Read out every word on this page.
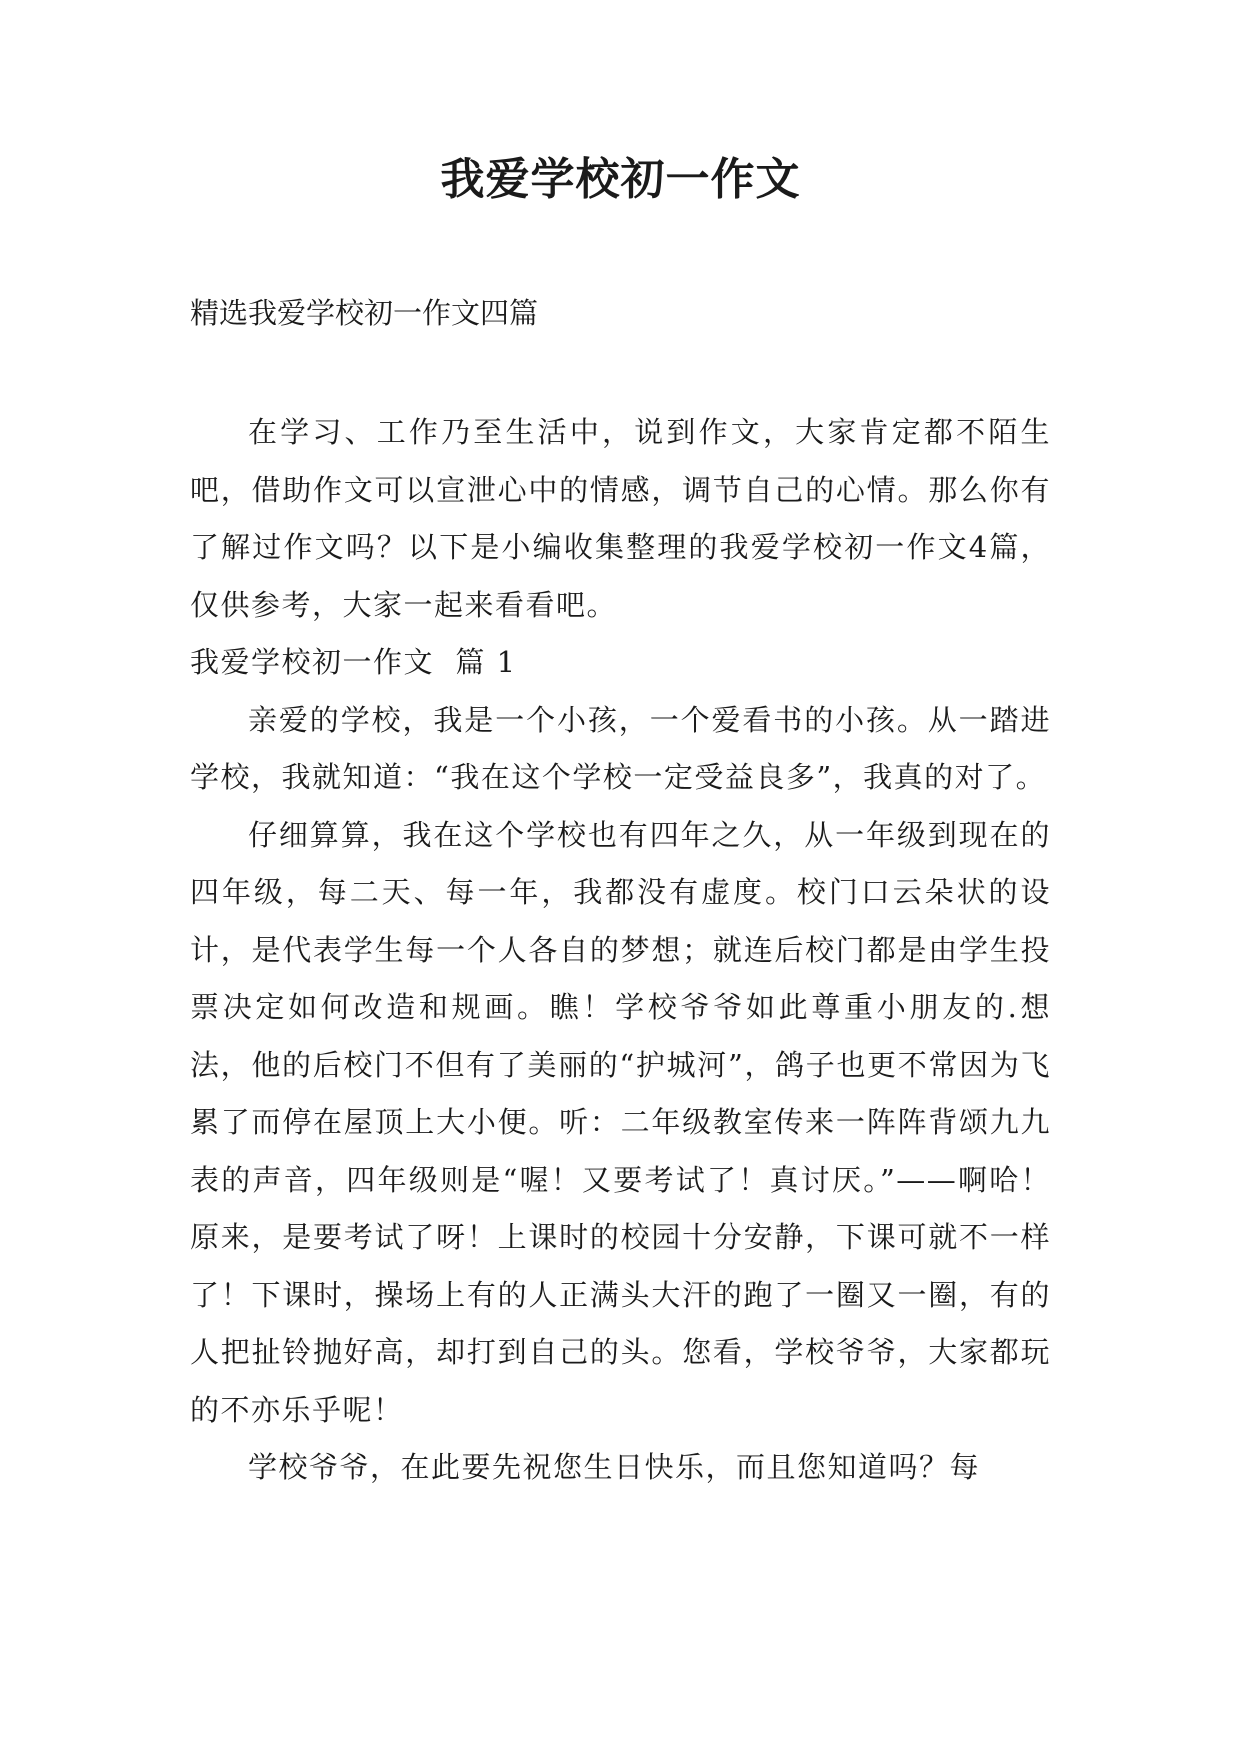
我爱学校初一作文

精选我爱学校初一作文四篇

在学习、工作乃至生活中，说到作文，大家肯定都不陌生吧，借助作文可以宣泄心中的情感，调节自己的心情。那么你有了解过作文吗？以下是小编收集整理的我爱学校初一作文4篇，仅供参考，大家一起来看看吧。

我爱学校初一作文  篇 1

亲爱的学校，我是一个小孩，一个爱看书的小孩。从一踏进学校，我就知道：“我在这个学校一定受益良多”，我真的对了。

仔细算算，我在这个学校也有四年之久，从一年级到现在的四年级，每二天、每一年，我都没有虚度。校门口云朵状的设计，是代表学生每一个人各自的梦想；就连后校门都是由学生投票决定如何改造和规画。瞧！学校爷爷如此尊重小朋友的.想法，他的后校门不但有了美丽的“护城河”，鸽子也更不常因为飞累了而停在屋顶上大小便。听：二年级教室传来一阵阵背颂九九表的声音，四年级则是“喔！又要考试了！真讨厌。”——啊哈！原来，是要考试了呀！上课时的校园十分安静，下课可就不一样了！下课时，操场上有的人正满头大汗的跑了一圈又一圈，有的人把扯铃抛好高，却打到自己的头。您看，学校爷爷，大家都玩的不亦乐乎呢！

学校爷爷，在此要先祝您生日快乐，而且您知道吗？每
